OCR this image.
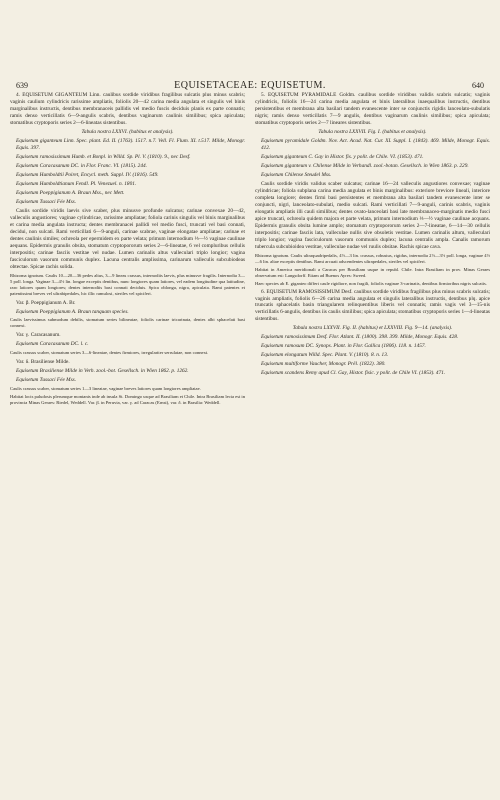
639	EQUISETACEAE: EQUISETUM.	640

4. EQUISETUM GIGANTEUM Linn. caulibus sordide viridibus fragilibus sulcatis plus minus scabris; vaginis caulium cylindricis rarissime ampliatis, foliolis 20—42 carina media angulata et singulis vel binis marginalibus instructis, dentibus membranaceis pallidis vel medio fuscis deciduis planis ex parte connatis; ramis denso verticillatis 6—9-angulis scabris, dentibus vaginarum caulinis similibus; spica apiculata; stomatibus cryptoporis series 2—6-lineatas sistentibus.

Tabula nostra LXXVI. (habitus et analysis).

Equisetum giganteum Linn. Spec. plant. Ed. II. (1763). 1517. n.7. Vell. Fl. Flum. XI. t.517. Milde, Monogr. Equis. 397.

Equisetum ramosissimum Humb. et Bonpl. in Willd. Sp. Pl. V. (1810). 9., nec Desf.

Equisetum Caracasanum DC. in Flor. Franc. VI. (1815). 244.

Equisetum Humboldtii Poiret, Encycl. meth. Suppl. IV. (1816). 549.

Equisetum Humboldtianum Fendl. Pl. Venezuel. n. 1801.

Equisetum Poeppigianum A. Braun Mss., nec Mett.

Equisetum Tussaci Fée Mss.

Caulis sordide viridis laevis sive scaber, plus minusve profunde sulcatus; carinae convexae 20—42, valleculis angustiores; vaginae cylindricae, rarissime ampliatae; foliola carinis singulis vel binis marginalibus et carina media angulata instructa; dentes membranacei pallidi vel medio fusci, truncati vel basi connati, decidui, non sulcati. Rami verticillati 6—9-anguli, carinae scabrae, vaginae elongatae ampliatae; carinae et dentes caulinis similes; ochreola per epermidem ex parte velata; primum internodium ⅓—½ vaginae caulinae aequans. Epidermis granulis obsita, stomatum cryptopororum series 2—6-lineatae, 6 vel compluribus cellulis interpositis; carinae fasciis vestitae vel nudae. Lumen carinalis altus valleculari triplo longior; vagina fasciculorum vasorum communis duplex. Lacuna centralis amplissima, carinarum valleculis subcubiodeas obtectae. Spicae rachis solida.

Rhizoma ignotum. Caulis 10—20—36 pedes altus, 3—9 lineas crassus, internodiis laevis, plus minusve fragilis. Internodia 3—5 poll. longa. Vaginae 3—4½ lin. longae exceptis dentibus, nunc longiores quam latiores, vel eadem longitudine qua latitudine, raro latiores quam longiores; dentes internodiis basi connati deciduis. Spica oblonga, nigra, apiculata. Rami patentes et patentissimi breves vel ultrabipedales, hic illic ramulosi, steriles vel spiciferi.

Var. β. Poeppigianum A. Br.

Equisetum Poeppigianum A. Braun tanquam species.

Caulis laevissimus submodum debilis, stomatum series bilineatae, foliolis carinae tricarinata, dentes albi sphacelati basi connexi.

Var. γ. Caracasanum.

Equisetum Caracasanum DC. l. c.

Caulis crassus scaber, stomatum series 3—6-lineatae, dentes firmiores, irregulariter serrulatae, non connexi.

Var. δ. Brasiliense Milde.

Equisetum Brasiliense Milde in Verh. zool.-bot. Gesellsch. in Wien 1862. p. 1262.

Equisetum Tussaci Fée Mss.

Caulis crassus scaber, stomatum series 1—3 lineatae, vaginae breves latiores quam longiores ampliatae.

Habitat locis paludosis plerumque montanis inde ab insula St. Domingo usque ad Brasiliam et Chile. Intra Brasiliam lecta est in provincia Minas Geraes: Riedel, Weddell. Var. β. in Peruvia, var. γ. ad Caracas (Ernst), var. δ. in Brasilia: Weddell.

5. EQUISETUM PYRAMIDALE Goldm. caulibus sordide viridibus validis scabris sulcatis; vaginis cylindricis, foliolis 16—24 carina media angulata et binis lateralibus inaequalibus instructis, dentibus persistentibus et membrana alta basilari tandem evanescente inter se conjunctis rigidis lanceolato-subulatis nigris; ramis denso verticillatis 7—9 angulis, dentibus vaginarum caulinis similibus; spica apiculata; stomatibus cryptoporis series 2—7 lineares sistentibus.

Tabula nostra LXXVII. Fig. I. (habitus et analysis).

Equisetum pyramidale Goldm. Nov. Act. Acad. Nat. Cur. XI. Suppl. I. (1843). 469. Milde, Monogr. Equis. 412.

Equisetum giganteum C. Gay in Histor. fis. y polit. de Chile. VI. (1853). 471.

Equisetum giganteum v. Chilense Milde in Verhandl. zool.-botan. Gesellsch. in Wien 1863. p. 229.

Equisetum Chilense Steudel Mss.

Caulis sordide viridis validus scaber sulcatus; carinae 16—24 valleculis angustiores convexae; vaginae cylindricae; foliola subplana carina media angulata et binis marginalibus: exteriore breviore lineali, interiore completa longiore; dentes firmi basi persistentes et membrana alta basilari tandem evanescente inter se conjuncti, nigri, lanceolato-subulati, medio sulcati. Rami verticillati 7—9-anguli, carinis scabris, vaginis elongatis ampliatis illi cauli similibus; dentes ovato-lanceolati basi late membranaceo-marginatis medio fusci apice truncati, ochreola quidem majora et parte velata, primum internodium ⅓—½ vaginae caulinae acquans. Epidermis granulis obsita lumine amplo; stomatum cryptopororum series 2—7-lineatae, 6—14—30 cellulis interpositis; carinae fasciis lata, valleculae nullis sive obsoletis vestitae. Lumen carinalis altum, valleculari triplo longior; vagina fasciculorum vasorum communis duplex; lacuna centralis ampla. Canalis ramorum tubercula subcubioidea vestitae, valleculae nudae vel ruulis obsitae. Rachis spicae cava.

Rhizoma ignotum. Caulis ultraquadripedalis, 4½—3 lin. crassus, robustus, rigidus, internodia 2½—3½ poll. longa, vaginae 4½—6 lin. altae exceptis dentibus. Rami arcuati adscendentes ultrapedales, steriles vel spiciferi.

Habitat in America meridionali a Caracas per Brasiliam usque in republ. Chile. Intra Brasiliam in prov. Minas Geraes observatum est: Langsdorff. Etiam ad Buenos Ayres: Sweed.

Haec species ab E. giganteo differt caule rigidiore, non fragili, foliolis vaginae 3-carinatis, dentibus firmioribus nigris sulcatis.

6. EQUISETUM RAMOSISSIMUM Desf. caulibus sordide viridibus fragilibus plus minus scabris sulcatis; vaginis ampliatis, foliolis 6—26 carina media angulata et singulis lateralibus instructis, dentibus plq. apice truncatis sphacelatis basin triangularem relinquentibus liberis vel connatis; ramis vagis vel 3—15-nis verticillatis 6-angulis, dentibus iis caulis similibus; spica apiculata; stomatibus cryptoporis series 1—4-lineatas sistentibus.

Tabula nostra LXXVII. Fig. II. (habitus) et LXXVIII. Fig. 9—14. (analysis).

Equisetum ramosissimum Desf. Flor. Atlant. II. (1800). 398. 399. Milde, Monogr. Equis. 428.

Equisetum ramosum DC. Synops. Plant. in Flor. Gallica (1806). 118. n. 1457.

Equisetum elongatum Willd. Spec. Plant. V. (1810). 8. n. 13.

Equisetum multiforme Vaucher, Monogr. Prêl. (1822). 380.

Equisetum scandens Remy apud Cl. Gay, Histor. fisic. y polit. de Chile VI. (1853). 471.
